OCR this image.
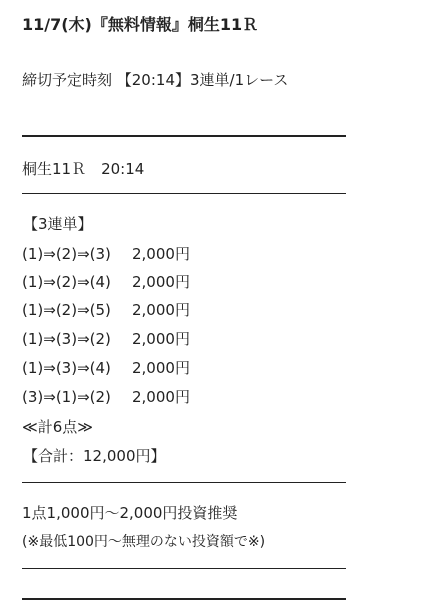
11/7(木)『無料情報』桐生11Ｒ
締切予定時刻 【20:14】3連単/1レース
桐生11Ｒ　20:14
【3連単】
(1)⇒(2)⇒(3) 2,000円
(1)⇒(2)⇒(4) 2,000円
(1)⇒(2)⇒(5) 2,000円
(1)⇒(3)⇒(2) 2,000円
(1)⇒(3)⇒(4) 2,000円
(3)⇒(1)⇒(2) 2,000円
≪計6点≫
【合計：12,000円】
1点1,000円〜2,000円投資推奨
(※最低100円〜無理のない投資額で※)
